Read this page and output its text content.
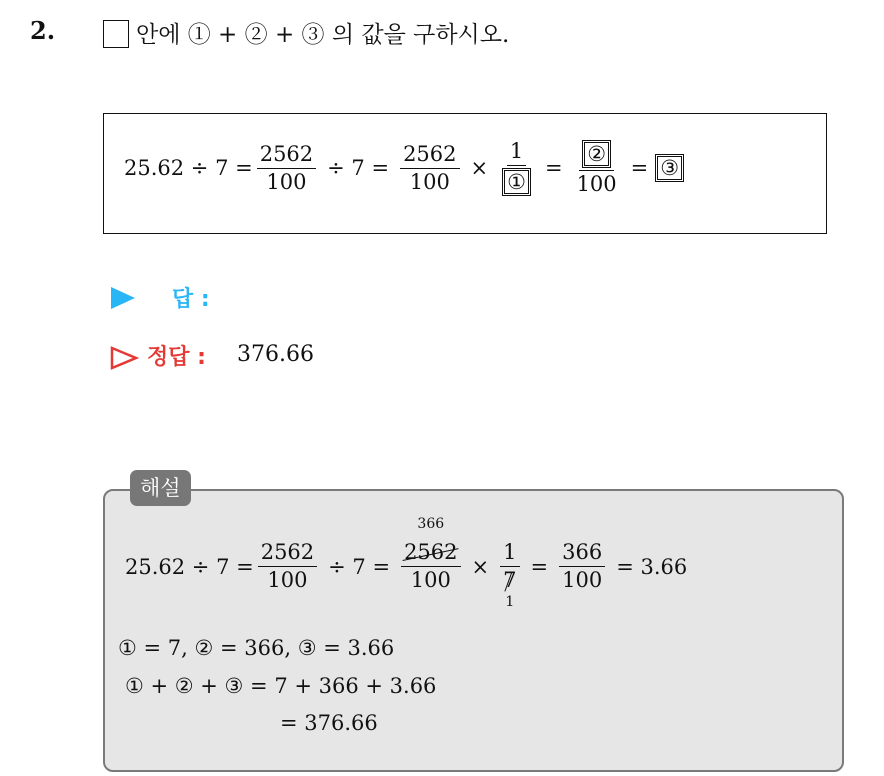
2.	안에 ① + ② + ③ 의 값을 구하시오.
$25.62 \div 7 = \frac{2562}{100} \div 7 = \frac{2562}{100} \times \frac{1}{\text{①}} = \frac{\text{②}}{100}$ = ③
답 :
정답 : 376.66
$25.62 \div 7 = \frac{2562}{100} \div 7$ =
366
2562
100
×
1
7
1
= $\frac{366}{100} = 3.66$
① = 7, ② = 366, ③ = 3.66
① + ② + ③ = 7 + 366 + 3.66
= 376.66
해설
